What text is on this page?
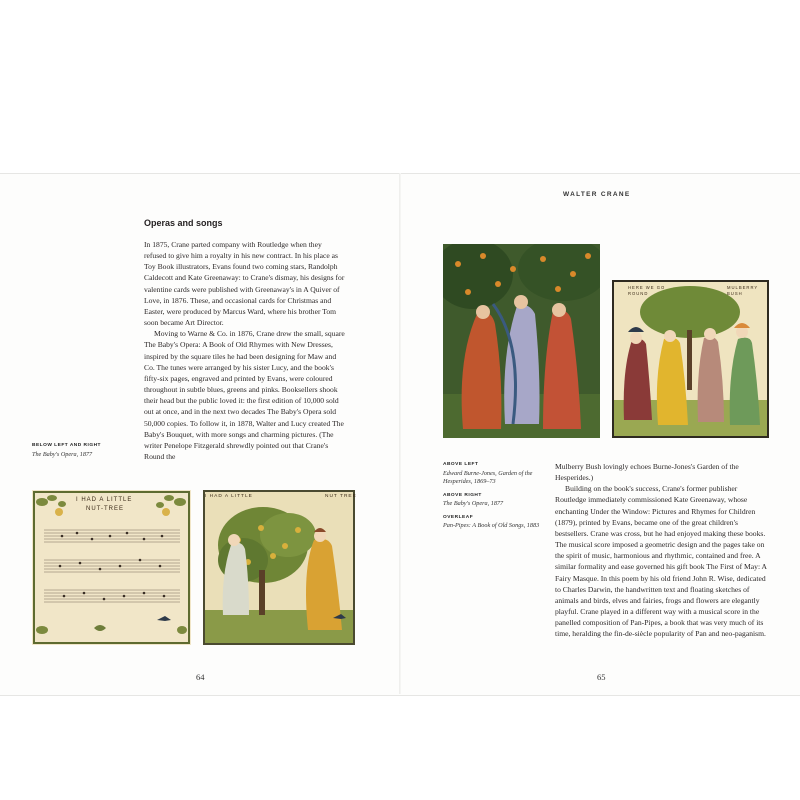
WALTER CRANE
Operas and songs

In 1875, Crane parted company with Routledge when they refused to give him a royalty in his new contract. In his place as Toy Book illustrators, Evans found two coming stars, Randolph Caldecott and Kate Greenaway: to Crane's dismay, his designs for valentine cards were published with Greenaway's in A Quiver of Love, in 1876. These, and occasional cards for Christmas and Easter, were produced by Marcus Ward, where his brother Tom soon became Art Director.

Moving to Warne & Co. in 1876, Crane drew the small, square The Baby's Opera: A Book of Old Rhymes with New Dresses, inspired by the square tiles he had been designing for Maw and Co. The tunes were arranged by his sister Lucy, and the book's fifty-six pages, engraved and printed by Evans, were coloured throughout in subtle blues, greens and pinks. Booksellers shook their head but the public loved it: the first edition of 10,000 sold out at once, and in the next two decades The Baby's Opera sold 50,000 copies. To follow it, in 1878, Walter and Lucy created The Baby's Bouquet, with more songs and charming pictures. (The writer Penelope Fitzgerald shrewdly pointed out that Crane's Round the

BELOW LEFT AND RIGHT
The Baby's Opera, 1877
I HAD A LITTLE
NUT-TREE
I HAD A LITTLE	NUT TREE
64
HERE WE GO ROUND
MULBERRY BUSH
ABOVE LEFT
Edward Burne-Jones, Garden of the Hesperides, 1869–73
ABOVE RIGHT
The Baby's Opera, 1877
OVERLEAF
Pan-Pipes: A Book of Old Songs, 1883

Mulberry Bush lovingly echoes Burne-Jones's Garden of the Hesperides.)

Building on the book's success, Crane's former publisher Routledge immediately commissioned Kate Greenaway, whose enchanting Under the Window: Pictures and Rhymes for Children (1879), printed by Evans, became one of the great children's bestsellers. Crane was cross, but he had enjoyed making these books. The musical score imposed a geometric design and the pages take on the spirit of music, harmonious and rhythmic, contained and free. A similar formality and ease governed his gift book The First of May: A Fairy Masque. In this poem by his old friend John R. Wise, dedicated to Charles Darwin, the handwritten text and floating sketches of animals and birds, elves and fairies, frogs and flowers are elegantly playful. Crane played in a different way with a musical score in the panelled composition of Pan-Pipes, a book that was very much of its time, heralding the fin-de-siècle popularity of Pan and neo-paganism.

65
